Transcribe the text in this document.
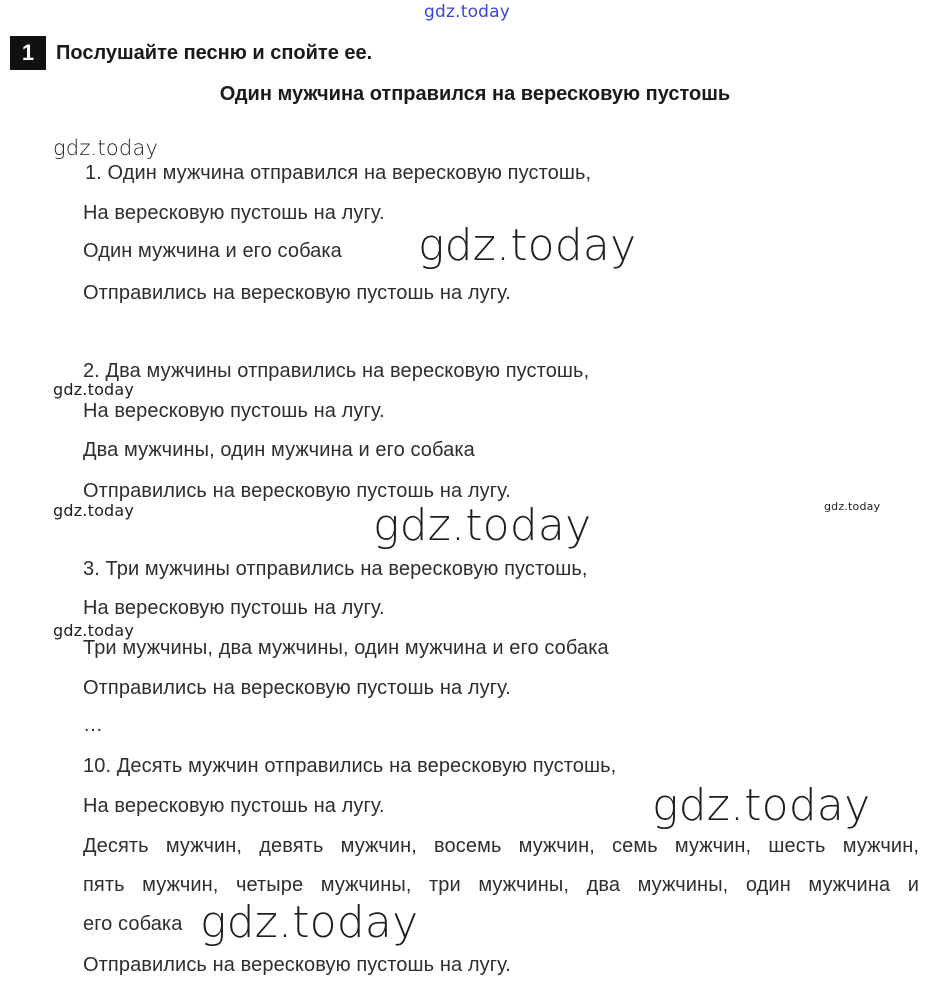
gdz.today
gdz.today
gdz.today
gdz.today
gdz.today	gdz.today	gdz.today
gdz.today
gdz.today
gdz.today
1	Послушайте песню и спойте ее.
Один мужчина отправился на вересковую пустошь
1. Один мужчина отправился на вересковую пустошь,
На вересковую пустошь на лугу.
Один мужчина и его собака
Отправились на вересковую пустошь на лугу.
2. Два мужчины отправились на вересковую пустошь,
На вересковую пустошь на лугу.
Два мужчины, один мужчина и его собака
Отправились на вересковую пустошь на лугу.
3. Три мужчины отправились на вересковую пустошь,
На вересковую пустошь на лугу.
Три мужчины, два мужчины, один мужчина и его собака
Отправились на вересковую пустошь на лугу.
…
10. Десять мужчин отправились на вересковую пустошь,
На вересковую пустошь на лугу.
Десять мужчин, девять мужчин, восемь мужчин, семь мужчин, шесть мужчин,
пять мужчин, четыре мужчины, три мужчины, два мужчины, один мужчина и
его собака
Отправились на вересковую пустошь на лугу.
